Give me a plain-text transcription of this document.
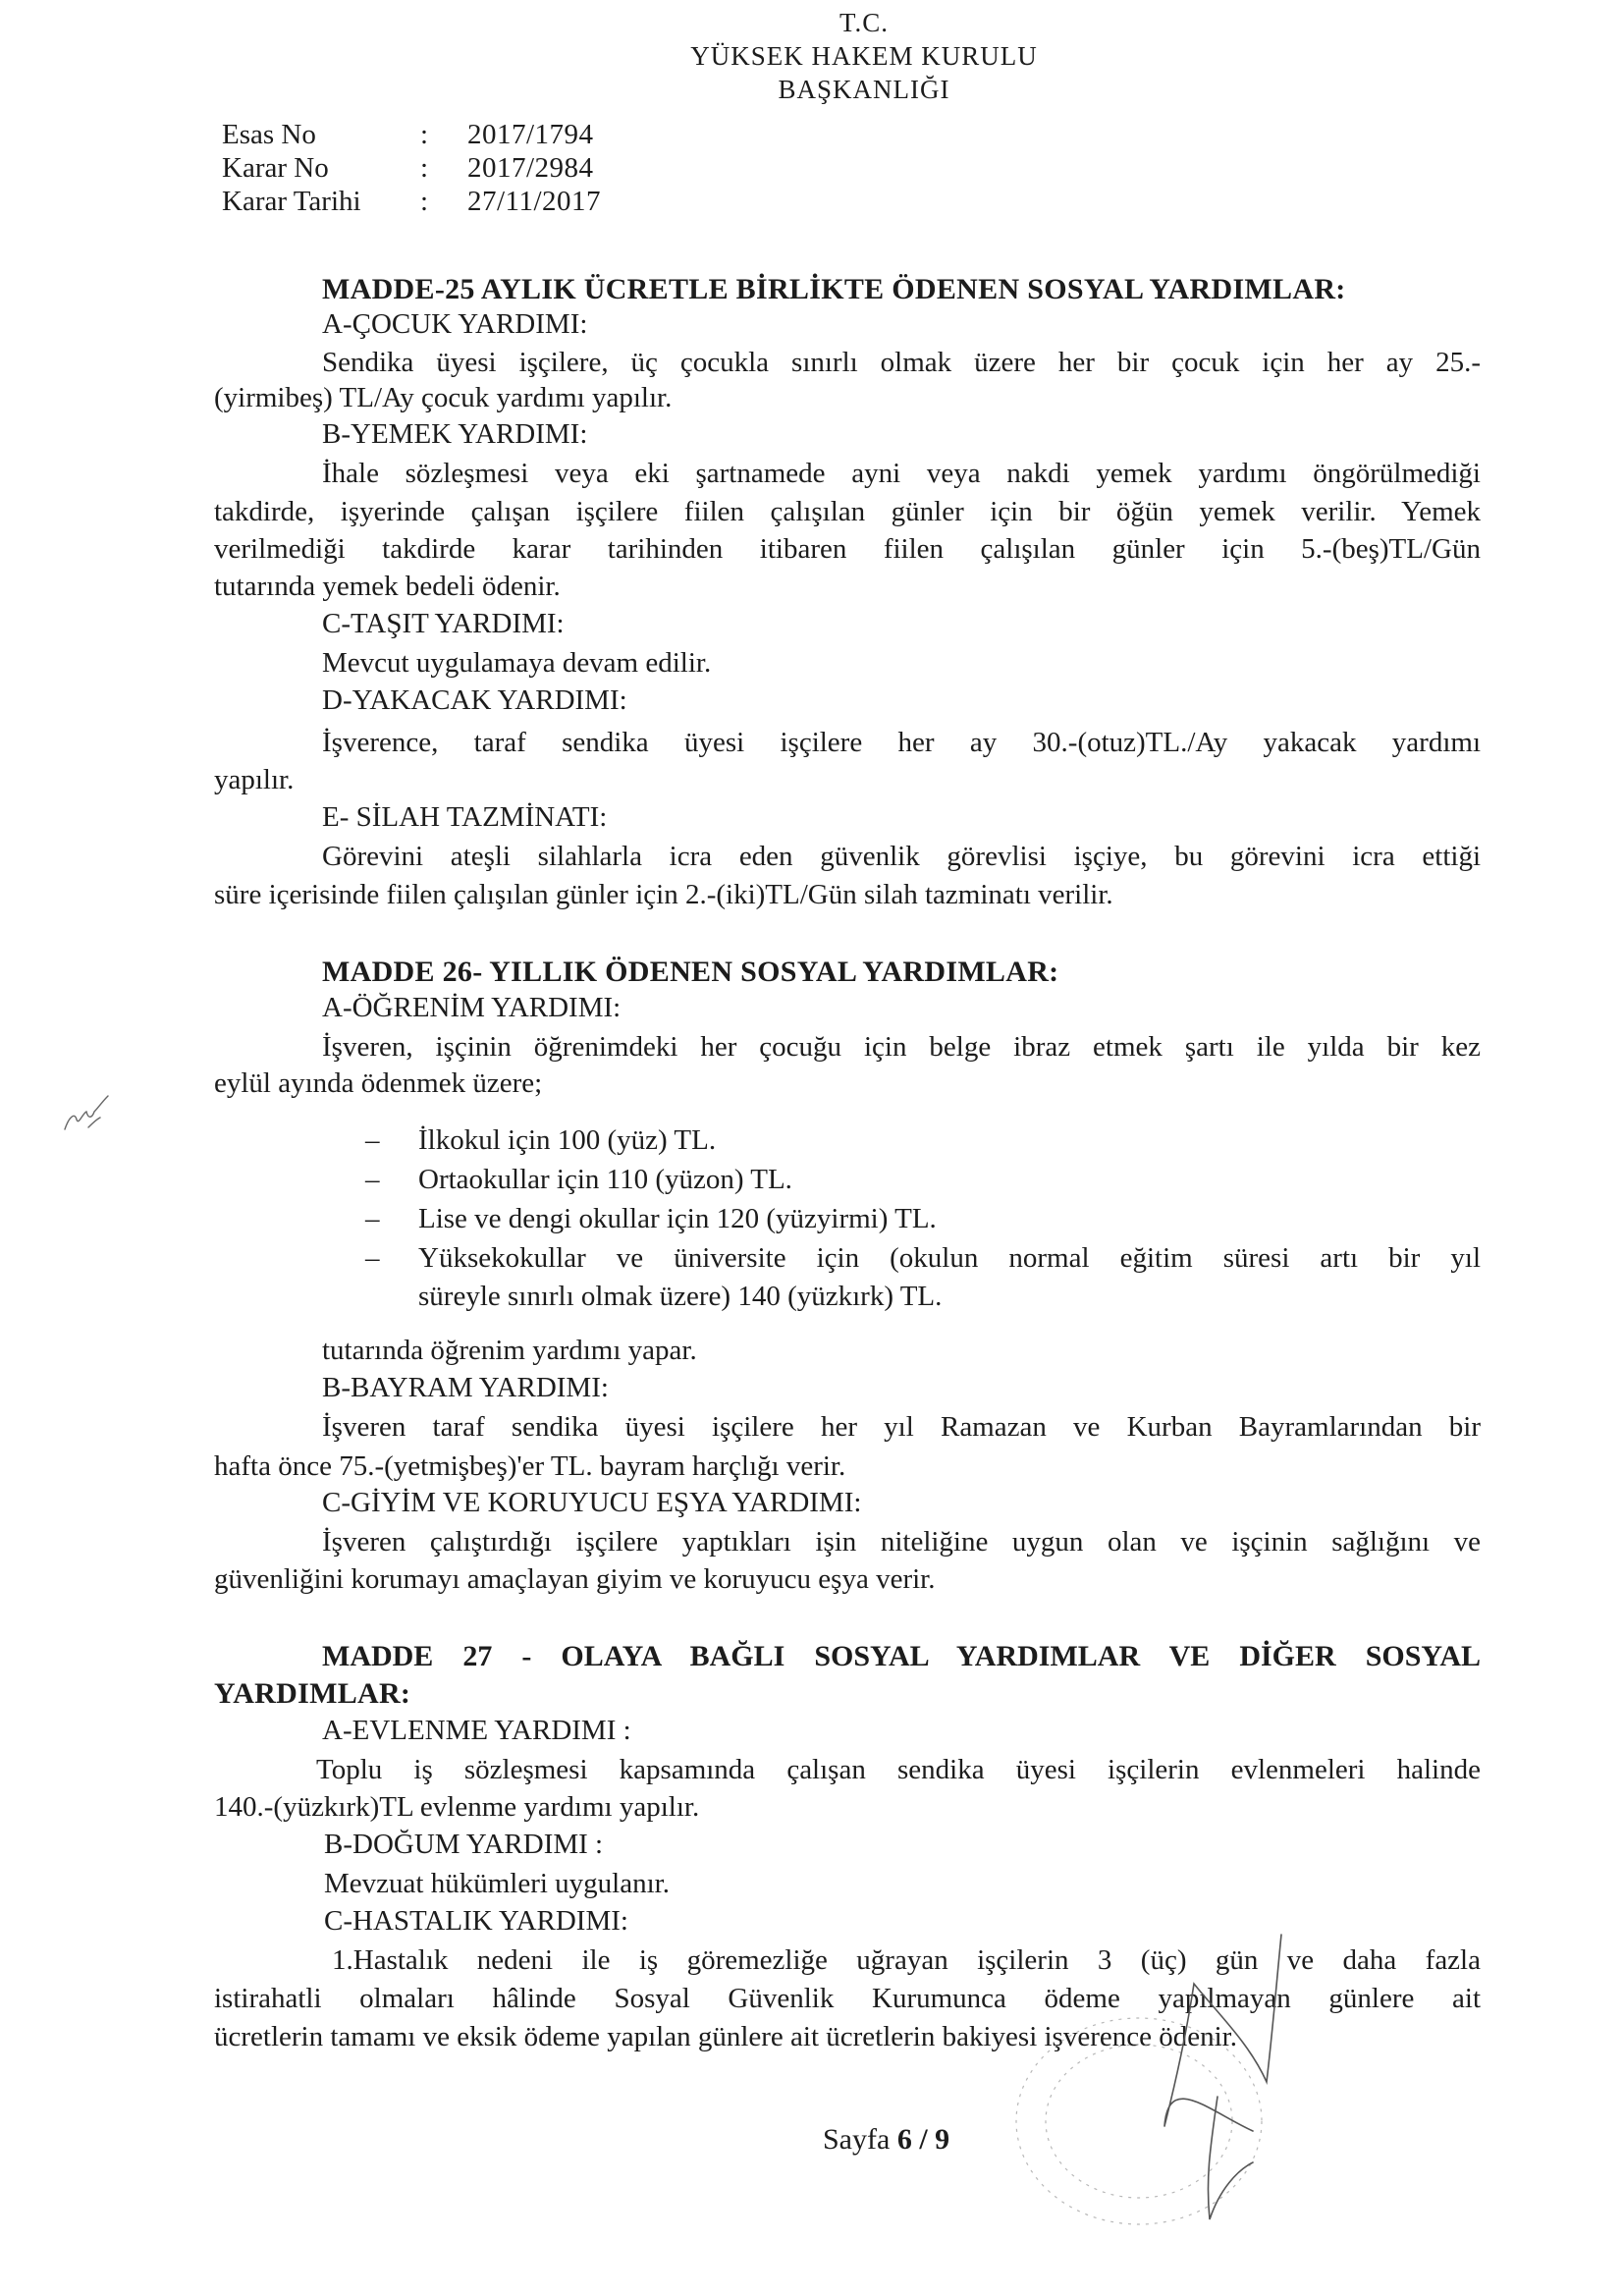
T.C.
YÜKSEK HAKEM KURULU
BAŞKANLIĞI
Esas No	:	2017/1794
Karar No	:	2017/2984
Karar Tarihi	:	27/11/2017
MADDE-25 AYLIK ÜCRETLE BİRLİKTE ÖDENEN SOSYAL YARDIMLAR:
A-ÇOCUK YARDIMI:
Sendika üyesi işçilere, üç çocukla sınırlı olmak üzere her bir çocuk için her ay 25.-
(yirmibeş) TL/Ay çocuk yardımı yapılır.
B-YEMEK YARDIMI:
İhale sözleşmesi veya eki şartnamede ayni veya nakdi yemek yardımı öngörülmediği
takdirde, işyerinde çalışan işçilere fiilen çalışılan günler için bir öğün yemek verilir. Yemek
verilmediği takdirde karar tarihinden itibaren fiilen çalışılan günler için 5.-(beş)TL/Gün
tutarında yemek bedeli ödenir.
C-TAŞIT YARDIMI:
Mevcut uygulamaya devam edilir.
D-YAKACAK YARDIMI:
İşverence, taraf sendika üyesi işçilere her ay 30.-(otuz)TL./Ay yakacak yardımı
yapılır.
E- SİLAH TAZMİNATI:
Görevini ateşli silahlarla icra eden güvenlik görevlisi işçiye, bu görevini icra ettiği
süre içerisinde fiilen çalışılan günler için 2.-(iki)TL/Gün silah tazminatı verilir.
MADDE 26- YILLIK ÖDENEN SOSYAL YARDIMLAR:
A-ÖĞRENİM YARDIMI:
İşveren, işçinin öğrenimdeki her çocuğu için belge ibraz etmek şartı ile yılda bir kez
eylül ayında ödenmek üzere;
– İlkokul için 100 (yüz) TL.
– Ortaokullar için 110 (yüzon) TL.
– Lise ve dengi okullar için 120 (yüzyirmi) TL.
– Yüksekokullar ve üniversite için (okulun normal eğitim süresi artı bir yıl
süreyle sınırlı olmak üzere) 140 (yüzkırk) TL.
tutarında öğrenim yardımı yapar.
B-BAYRAM YARDIMI:
İşveren taraf sendika üyesi işçilere her yıl Ramazan ve Kurban Bayramlarından bir
hafta önce 75.-(yetmişbeş)'er TL. bayram harçlığı verir.
C-GİYİM VE KORUYUCU EŞYA YARDIMI:
İşveren çalıştırdığı işçilere yaptıkları işin niteliğine uygun olan ve işçinin sağlığını ve
güvenliğini korumayı amaçlayan giyim ve koruyucu eşya verir.
MADDE 27 - OLAYA BAĞLI SOSYAL YARDIMLAR VE DİĞER SOSYAL
YARDIMLAR:
A-EVLENME YARDIMI :
Toplu iş sözleşmesi kapsamında çalışan sendika üyesi işçilerin evlenmeleri halinde
140.-(yüzkırk)TL evlenme yardımı yapılır.
B-DOĞUM YARDIMI :
Mevzuat hükümleri uygulanır.
C-HASTALIK YARDIMI:
1.Hastalık nedeni ile iş göremezliğe uğrayan işçilerin 3 (üç) gün ve daha fazla
istirahatli olmaları hâlinde Sosyal Güvenlik Kurumunca ödeme yapılmayan günlere ait
ücretlerin tamamı ve eksik ödeme yapılan günlere ait ücretlerin bakiyesi işverence ödenir.
Sayfa 6 / 9
